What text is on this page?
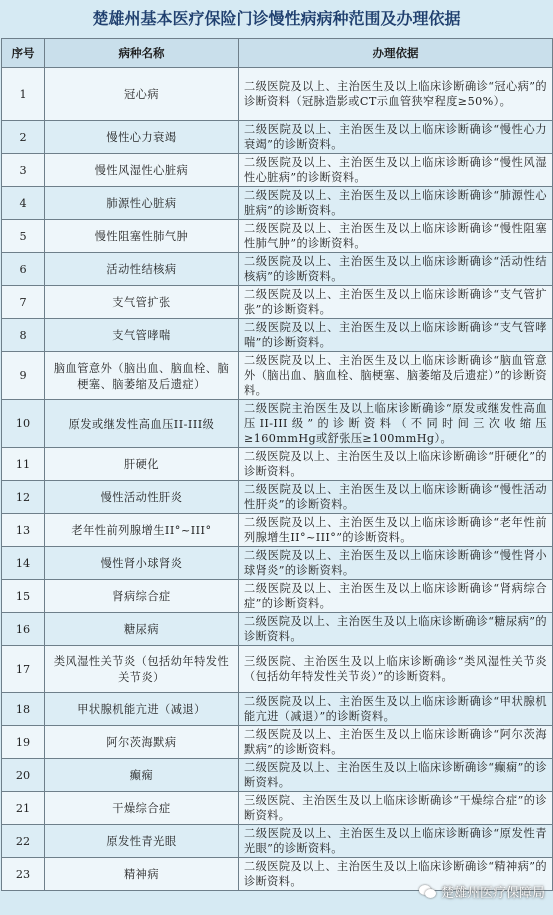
楚雄州基本医疗保险门诊慢性病病种范围及办理依据
序号	病种名称	办理依据
1	冠心病	二级医院及以上、主治医生及以上临床诊断确诊“冠心病”的诊断资料（冠脉造影或CT示血管狭窄程度≥50%）。
2	慢性心力衰竭	二级医院及以上、主治医生及以上临床诊断确诊“慢性心力衰竭”的诊断资料。
3	慢性风湿性心脏病	二级医院及以上、主治医生及以上临床诊断确诊“慢性风湿性心脏病”的诊断资料。
4	肺源性心脏病	二级医院及以上、主治医生及以上临床诊断确诊“肺源性心脏病”的诊断资料。
5	慢性阻塞性肺气肿	二级医院及以上、主治医生及以上临床诊断确诊“慢性阻塞性肺气肿”的诊断资料。
6	活动性结核病	二级医院及以上、主治医生及以上临床诊断确诊“活动性结核病”的诊断资料。
7	支气管扩张	二级医院及以上、主治医生及以上临床诊断确诊“支气管扩张”的诊断资料。
8	支气管哮喘	二级医院及以上、主治医生及以上临床诊断确诊“支气管哮喘”的诊断资料。
9	脑血管意外（脑出血、脑血栓、脑梗塞、脑萎缩及后遗症）	二级医院及以上、主治医生及以上临床诊断确诊“脑血管意外（脑出血、脑血栓、脑梗塞、脑萎缩及后遗症）”的诊断资料。
10	原发或继发性高血压II-III级	二级医院主治医生及以上临床诊断确诊“原发或继发性高血压II-III级”的诊断资料（不同时间三次收缩压≥160mmHg或舒张压≥100mmHg）。
11	肝硬化	二级医院及以上、主治医生及以上临床诊断确诊“肝硬化”的诊断资料。
12	慢性活动性肝炎	二级医院及以上、主治医生及以上临床诊断确诊“慢性活动性肝炎”的诊断资料。
13	老年性前列腺增生II°~III°	二级医院及以上、主治医生及以上临床诊断确诊“老年性前列腺增生II°~III°”的诊断资料。
14	慢性肾小球肾炎	二级医院及以上、主治医生及以上临床诊断确诊“慢性肾小球肾炎”的诊断资料。
15	肾病综合症	二级医院及以上、主治医生及以上临床诊断确诊“肾病综合症”的诊断资料。
16	糖尿病	二级医院及以上、主治医生及以上临床诊断确诊“糖尿病”的诊断资料。
17	类风湿性关节炎（包括幼年特发性关节炎）	三级医院、主治医生及以上临床诊断确诊“类风湿性关节炎（包括幼年特发性关节炎）”的诊断资料。
18	甲状腺机能亢进（减退）	二级医院及以上、主治医生及以上临床诊断确诊“甲状腺机能亢进（减退）”的诊断资料。
19	阿尔茨海默病	二级医院及以上、主治医生及以上临床诊断确诊“阿尔茨海默病”的诊断资料。
20	癫痫	二级医院及以上、主治医生及以上临床诊断确诊“癫痫”的诊断资料。
21	干燥综合症	三级医院、主治医生及以上临床诊断确诊“干燥综合症”的诊断资料。
22	原发性青光眼	二级医院及以上、主治医生及以上临床诊断确诊“原发性青光眼”的诊断资料。
23	精神病	二级医院及以上、主治医生及以上临床诊断确诊“精神病”的诊断资料。
楚雄州医疗保障局
